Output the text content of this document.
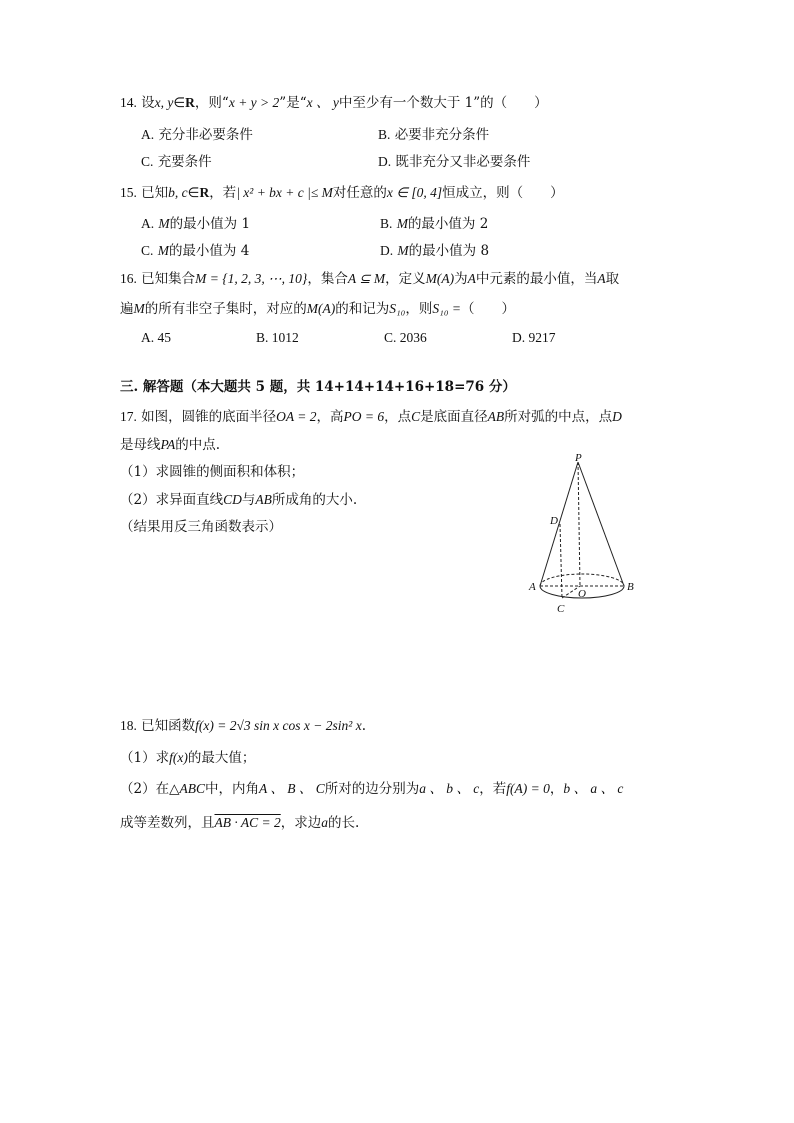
14. 设x, y∈R，则“x + y > 2”是“x 、 y中至少有一个数大于 1”的（　　）
A. 充分非必要条件	B. 必要非充分条件
C. 充要条件	D. 既非充分又非必要条件
15. 已知b, c∈R，若| x² + bx + c |≤ M对任意的x ∈ [0, 4]恒成立，则（　　）
A. M的最小值为 1	B. M的最小值为 2
C. M的最小值为 4	D. M的最小值为 8
16. 已知集合M = {1, 2, 3, ⋯, 10}，集合A ⊆ M，定义M(A)为A中元素的最小值，当A取
遍M的所有非空子集时，对应的M(A)的和记为S₁₀，则S₁₀ =（　　）
A. 45	B. 1012	C. 2036	D. 9217
三. 解答题（本大题共 5 题，共 14+14+14+16+18=76 分）
17. 如图，圆锥的底面半径OA = 2，高PO = 6，点C是底面直径AB所对弧的中点，点D
是母线PA的中点.
（1）求圆锥的侧面积和体积；
（2）求异面直线CD与AB所成角的大小.
（结果用反三角函数表示）
P
D
A	B
O
C
18. 已知函数f(x) = 2√3 sin x cos x − 2sin² x.
（1）求f(x)的最大值；
（2）在△ABC中，内角A 、 B 、 C所对的边分别为a 、 b 、 c，若f(A) = 0，b 、 a 、 c
成等差数列，且AB · AC = 2，求边a的长.
